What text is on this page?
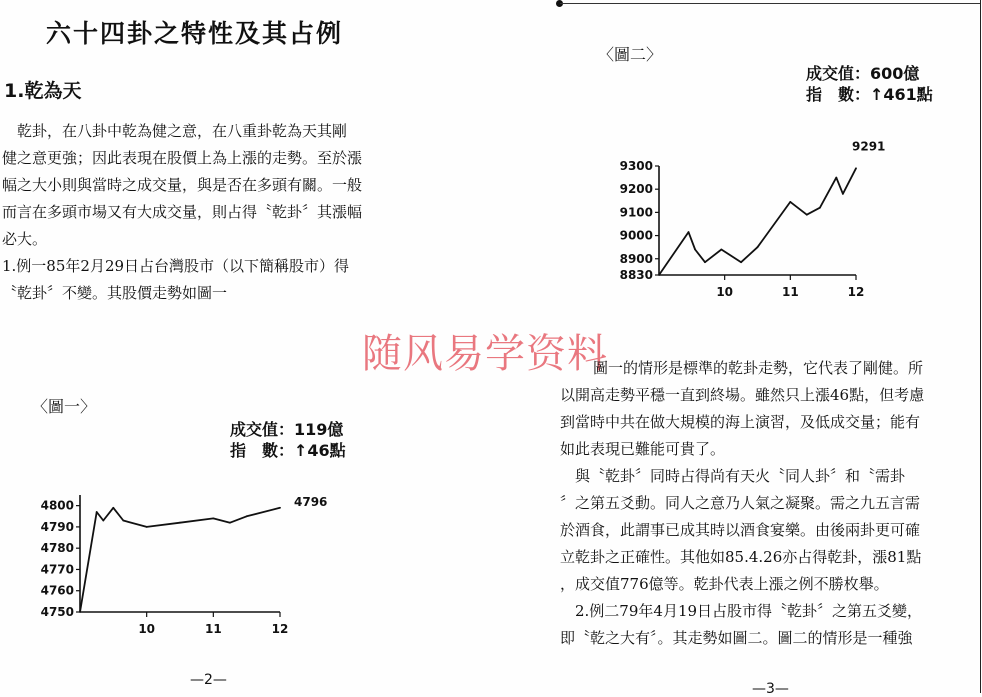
六十四卦之特性及其占例
1.乾為天
　乾卦，在八卦中乾為健之意，在八重卦乾為天其剛
健之意更強；因此表現在股價上為上漲的走勢。至於漲
幅之大小則與當時之成交量，與是否在多頭有關。一般
而言在多頭市場又有大成交量，則占得〝乾卦〞其漲幅
必大。
1.例一85年2月29日占台灣股市（以下簡稱股市）得
〝乾卦〞不變。其股價走勢如圖一
〈圖一〉
成交值：119億
指　數：↑46點
4750
4760
4770
4780
4790
4800
10	11	12
4796
〈圖二〉
成交值：600億
指　數：↑461點
8830
8900
9000
9100
9200
9300
10	11	12
9291
随风易学资料
圖一的情形是標準的乾卦走勢，它代表了剛健。所
以開高走勢平穩一直到終場。雖然只上漲46點，但考慮
到當時中共在做大規模的海上演習，及低成交量；能有
如此表現已難能可貴了。
　與〝乾卦〞同時占得尚有天火〝同人卦〞和〝需卦
〞之第五爻動。同人之意乃人氣之凝聚。需之九五言需
於酒食，此謂事已成其時以酒食宴樂。由後兩卦更可確
立乾卦之正確性。其他如85.4.26亦占得乾卦，漲81點
，成交值776億等。乾卦代表上漲之例不勝枚舉。
　2.例二79年4月19日占股市得〝乾卦〞之第五爻變，
即〝乾之大有〞。其走勢如圖二。圖二的情形是一種強
—2—
—3—
